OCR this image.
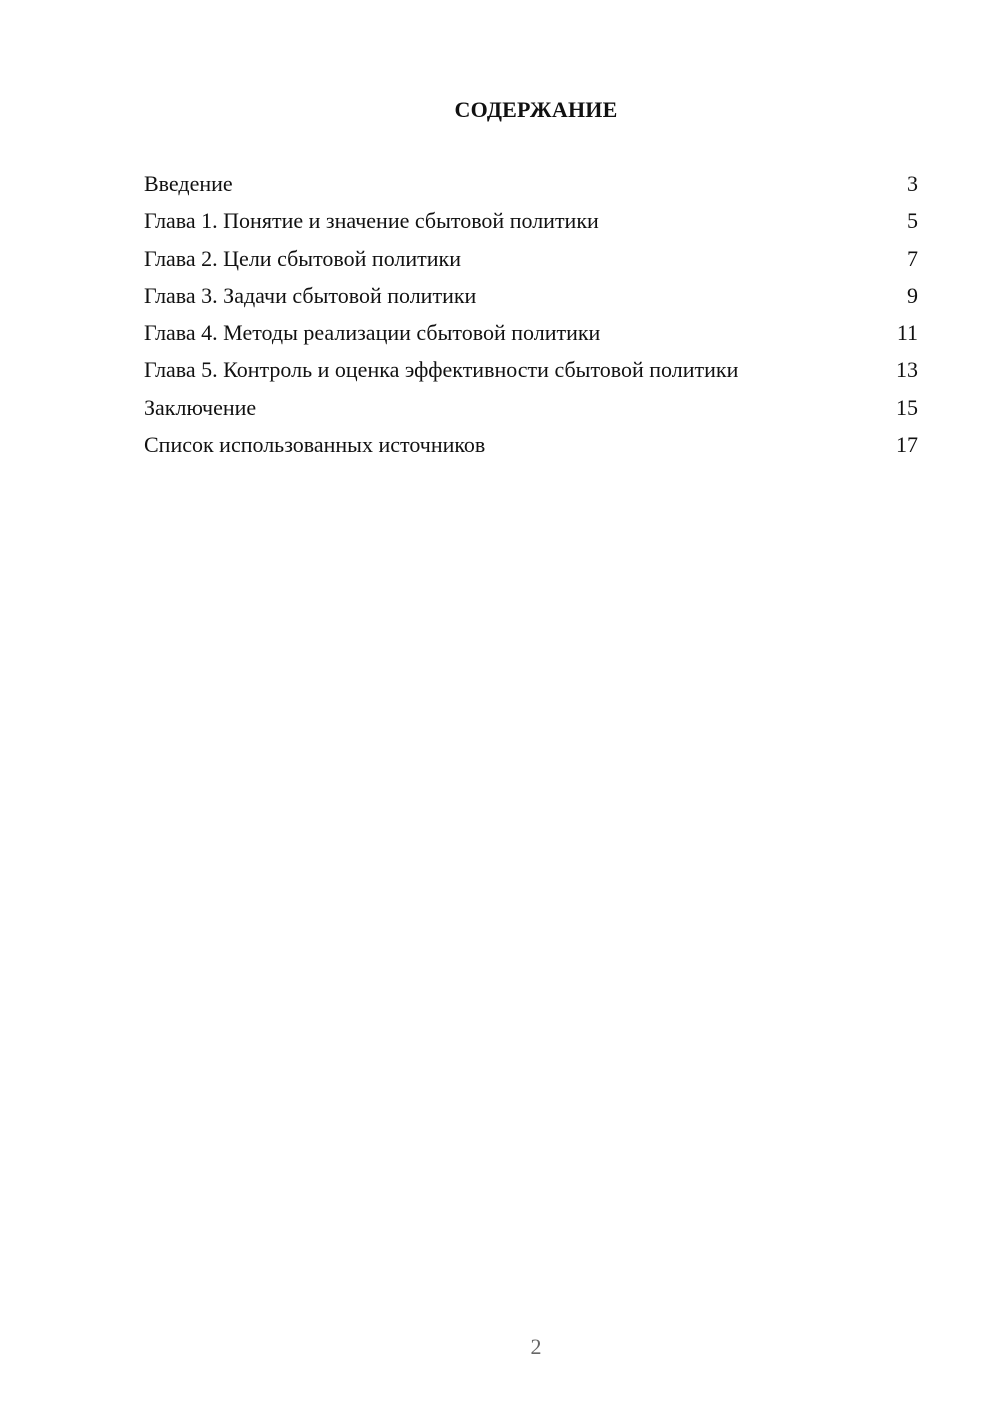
СОДЕРЖАНИЕ
Введение	3
Глава 1. Понятие и значение сбытовой политики	5
Глава 2. Цели сбытовой политики	7
Глава 3. Задачи сбытовой политики	9
Глава 4. Методы реализации сбытовой политики	11
Глава 5. Контроль и оценка эффективности сбытовой политики	13
Заключение	15
Список использованных источников	17
2
